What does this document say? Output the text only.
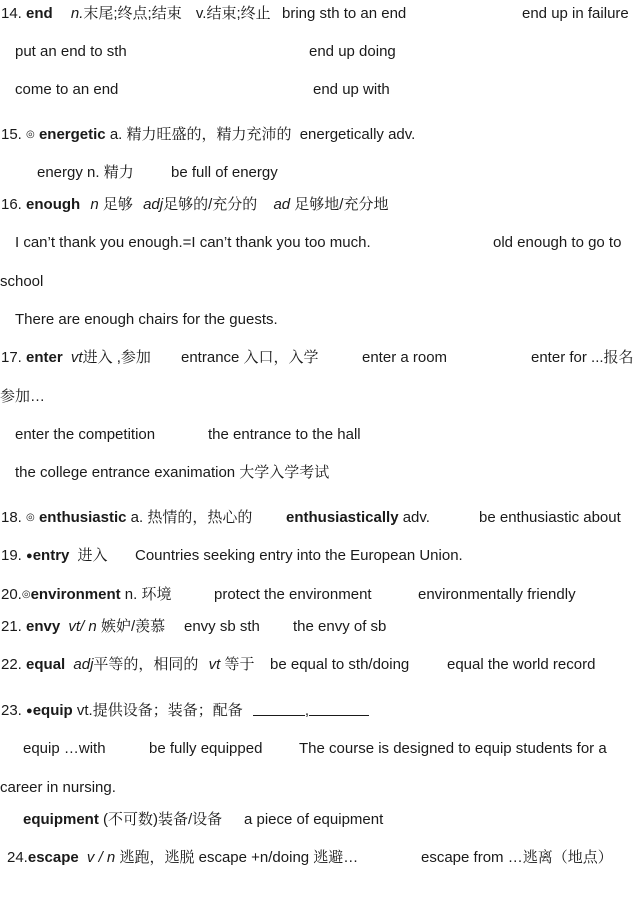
14. end n.末尾;终点;结束 v.结束;终止 bring sth to an end	end up in failure
put an end to sth	end up doing
come to an end	end up with
15. ◎ energetic a. 精力旺盛的，精力充沛的 energetically adv.
energy n. 精力 be full of energy
16. enough n 足够 adj足够的/充分的 ad 足够地/充分地
I can’t thank you enough.=I can’t thank you too much.	old enough to go to
school
There are enough chairs for the guests.
17. enter vt进入 ,参加 entrance 入口，入学	enter a room	enter for ...报名
参加…
enter the competition	the entrance to the hall
the college entrance exanimation 大学入学考试
18. ◎ enthusiastic a. 热情的，热心的 enthusiastically adv.	be enthusiastic about
19. ●entry 进入 Countries seeking entry into the European Union.
20.◎environment n. 环境	protect the environment	environmentally friendly
21. envy vt/ n 嫉妒/羡慕 envy sb sth the envy of sb
22. equal adj平等的，相同的 vt 等于 be equal to sth/doing	equal the world record
23. ●equip vt.提供设备；装备；配备	,
equip …with	be fully equipped The course is designed to equip students for a
career in nursing.
equipment (不可数)装备/设备 a piece of equipment
24.escape v / n 逃跑，逃脱 escape +n/doing 逃避…	escape from …逃离（地点）
